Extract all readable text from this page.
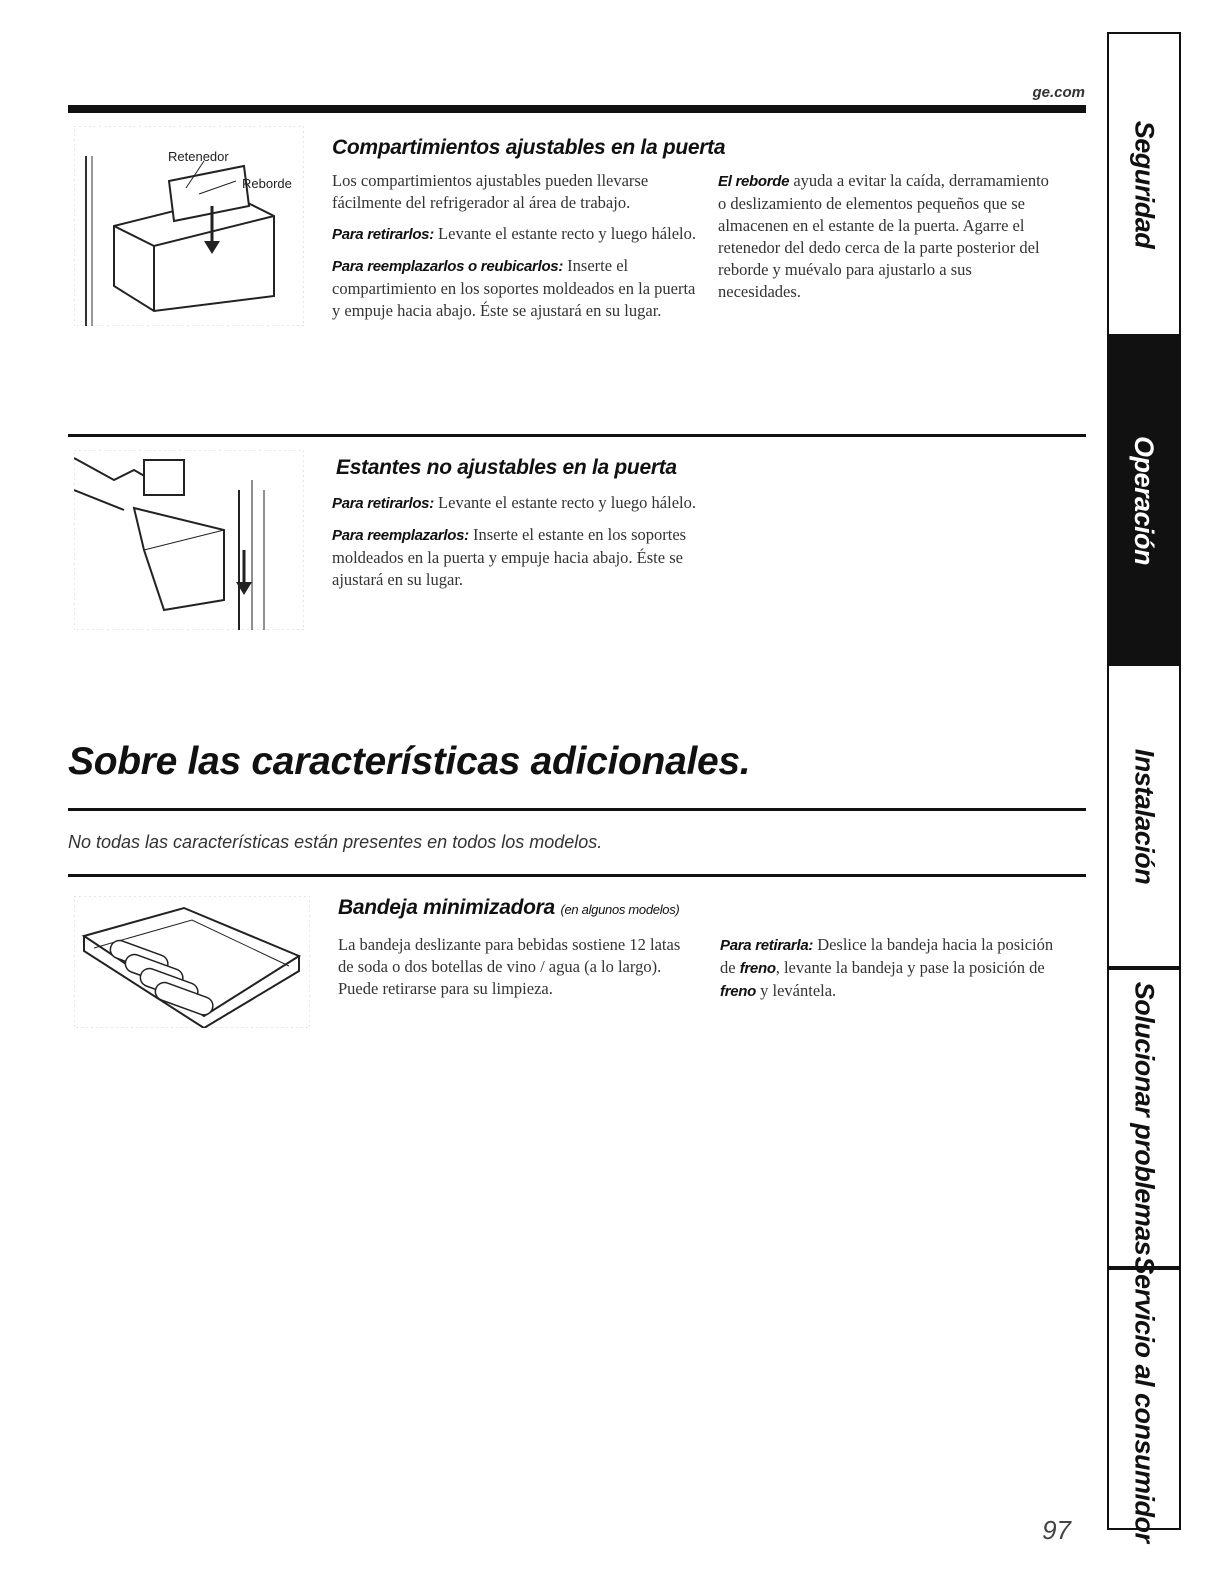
ge.com
Retenedor
Reborde
Compartimientos ajustables en la puerta

Los compartimientos ajustables pueden llevarse fácilmente del refrigerador al área de trabajo.

Para retirarlos: Levante el estante recto y luego hálelo.

Para reemplazarlos o reubicarlos: Inserte el compartimiento en los soportes moldeados en la puerta y empuje hacia abajo. Éste se ajustará en su lugar.

El reborde ayuda a evitar la caída, derramamiento o deslizamiento de elementos pequeños que se almacenen en el estante de la puerta. Agarre el retenedor del dedo cerca de la parte posterior del reborde y muévalo para ajustarlo a sus necesidades.

Estantes no ajustables en la puerta

Para retirarlos: Levante el estante recto y luego hálelo.

Para reemplazarlos: Inserte el estante en los soportes moldeados en la puerta y empuje hacia abajo. Éste se ajustará en su lugar.

Sobre las características adicionales.
No todas las características están presentes en todos los modelos.
Bandeja minimizadora (en algunos modelos)
La bandeja deslizante para bebidas sostiene 12 latas de soda o dos botellas de vino / agua (a lo largo). Puede retirarse para su limpieza.
Para retirarla: Deslice la bandeja hacia la posición de freno, levante la bandeja y pase la posición de freno y levántela.
97
Seguridad
Operación
Instalación
Solucionar problemas
Servicio al consumidor
